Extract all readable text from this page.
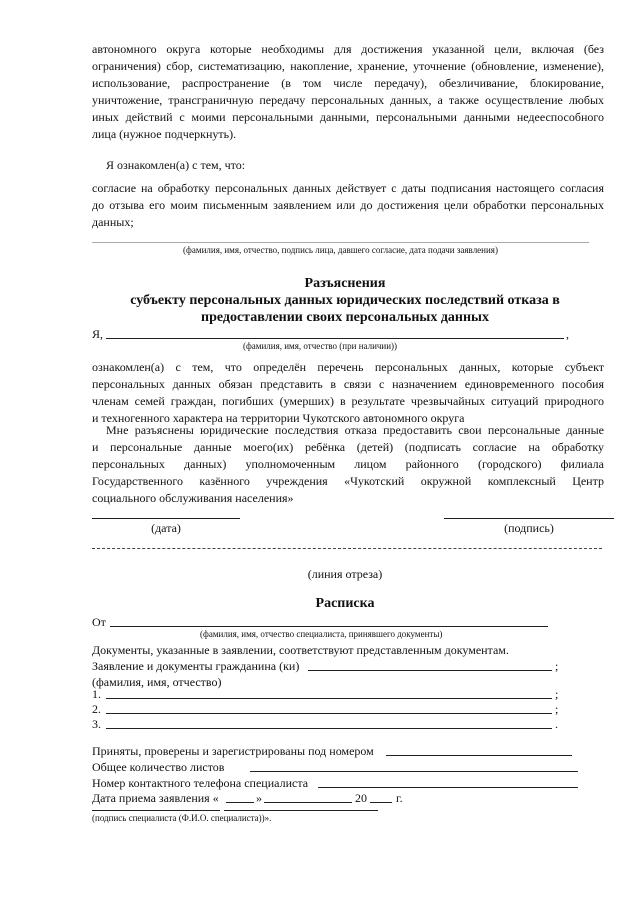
автономного округа которые необходимы для достижения указанной цели, включая (без
ограничения) сбор, систематизацию, накопление, хранение, уточнение (обновление, изменение),
использование, распространение (в том числе передачу), обезличивание, блокирование,
уничтожение, трансграничную передачу персональных данных, а также осуществление любых
иных действий с моими персональными данными, персональными данными недееспособного
лица (нужное подчеркнуть).
Я ознакомлен(а) с тем, что:
согласие на обработку персональных данных действует с даты подписания настоящего согласия
до отзыва его моим письменным заявлением или до достижения цели обработки персональных
данных;
(фамилия, имя, отчество, подпись лица, давшего согласие, дата подачи заявления)
Разъяснения
субъекту персональных данных юридических последствий отказа в
предоставлении своих персональных данных
Я,	,
(фамилия, имя, отчество (при наличии))
ознакомлен(а) с тем, что определён перечень персональных данных, которые субъект
персональных данных обязан представить в связи с назначением единовременного пособия
членам семей граждан, погибших (умерших) в результате чрезвычайных ситуаций природного
и техногенного характера на территории Чукотского автономного округа
Мне разъяснены юридические последствия отказа предоставить свои персональные данные
и персональные данные моего(их) ребёнка (детей) (подписать согласие на обработку
персональных данных) уполномоченным лицом районного (городского) филиала
Государственного казённого учреждения «Чукотский окружной комплексный Центр
социального обслуживания населения»
(дата)	(подпись)
(линия отреза)
Расписка
От
(фамилия, имя, отчество специалиста, принявшего документы)
Документы, указанные в заявлении, соответствуют представленным документам.
Заявление и документы гражданина (ки)	;
(фамилия, имя, отчество)
1.	;
2.	;
3.	.
Приняты, проверены и зарегистрированы под номером
Общее количество листов
Номер контактного телефона специалиста
Дата приема заявления «	»	20 г.
(подпись специалиста (Ф.И.О. специалиста))».
